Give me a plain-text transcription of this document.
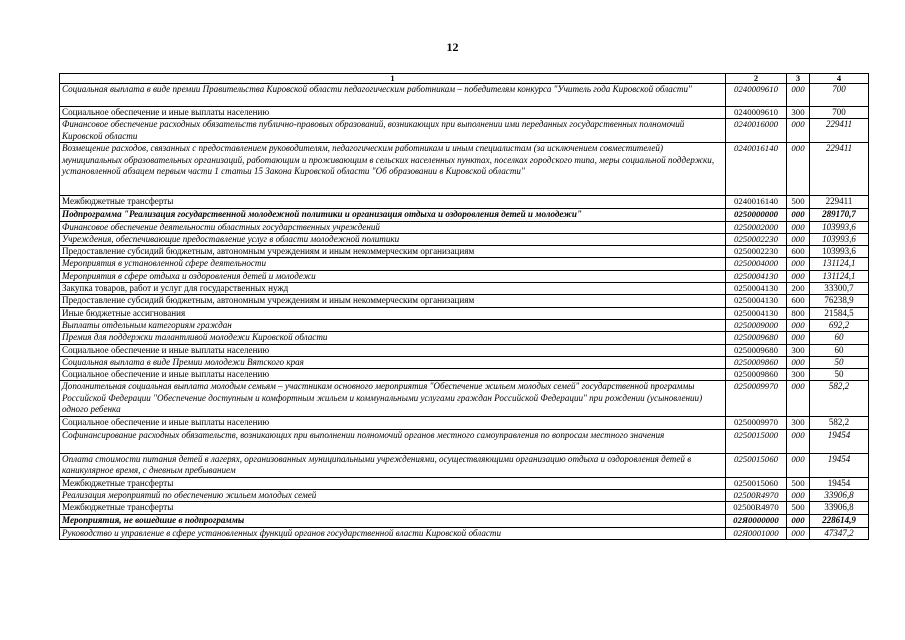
12
1	2	3	4
Социальная выплата в виде премии Правительства Кировской области педагогическим работникам – победителям конкурса "Учитель года Кировской области"	0240009610	000	700
Социальное обеспечение и иные выплаты населению	0240009610	300	700
Финансовое обеспечение расходных обязательств публично-правовых образований, возникающих при выполнении ими переданных государственных полномочий Кировской области	0240016000	000	229411
Возмещение расходов, связанных с предоставлением руководителям, педагогическим работникам и иным специалистам (за исключением совместителей) муниципальных образовательных организаций, работающим и проживающим в сельских населенных пунктах, поселках городского типа, меры социальной поддержки, установленной абзацем первым части 1 статьи 15 Закона Кировской области "Об образовании в Кировской области"	0240016140	000	229411
Межбюджетные трансферты	0240016140	500	229411
Подпрограмма "Реализация государственной молодежной политики и организация отдыха и оздоровления детей и молодежи"	0250000000	000	289170,7
Финансовое обеспечение деятельности областных государственных учреждений	0250002000	000	103993,6
Учреждения, обеспечивающие предоставление услуг в области молодежной политики	0250002230	000	103993,6
Предоставление субсидий бюджетным, автономным учреждениям и иным некоммерческим организациям	0250002230	600	103993,6
Мероприятия в установленной сфере деятельности	0250004000	000	131124,1
Мероприятия в сфере отдыха и оздоровления детей и молодежи	0250004130	000	131124,1
Закупка товаров, работ и услуг для государственных нужд	0250004130	200	33300,7
Предоставление субсидий бюджетным, автономным учреждениям и иным некоммерческим организациям	0250004130	600	76238,9
Иные бюджетные ассигнования	0250004130	800	21584,5
Выплаты отдельным категориям граждан	0250009000	000	692,2
Премия для поддержки талантливой молодежи Кировской области	0250009680	000	60
Социальное обеспечение и иные выплаты населению	0250009680	300	60
Социальная выплата в виде Премии молодежи Вятского края	0250009860	000	50
Социальное обеспечение и иные выплаты населению	0250009860	300	50
Дополнительная социальная выплата молодым семьям – участникам основного мероприятия "Обеспечение жильем молодых семей" государственной программы Российской Федерации "Обеспечение доступным и комфортным жильем и коммунальными услугами граждан Российской Федерации" при рождении (усыновлении) одного ребенка	0250009970	000	582,2
Социальное обеспечение и иные выплаты населению	0250009970	300	582,2
Софинансирование расходных обязательств, возникающих при выполнении полномочий органов местного самоуправления по вопросам местного значения	0250015000	000	19454
Оплата стоимости питания детей в лагерях, организованных муниципальными учреждениями, осуществляющими организацию отдыха и оздоровления детей в каникулярное время, с дневным пребыванием	0250015060	000	19454
Межбюджетные трансферты	0250015060	500	19454
Реализация мероприятий по обеспечению жильем молодых семей	02500R4970	000	33906,8
Межбюджетные трансферты	02500R4970	500	33906,8
Мероприятия, не вошедшие в подпрограммы	02Я0000000	000	228614,9
Руководство и управление в сфере установленных функций органов государственной власти Кировской области	02Я0001000	000	47347,2
